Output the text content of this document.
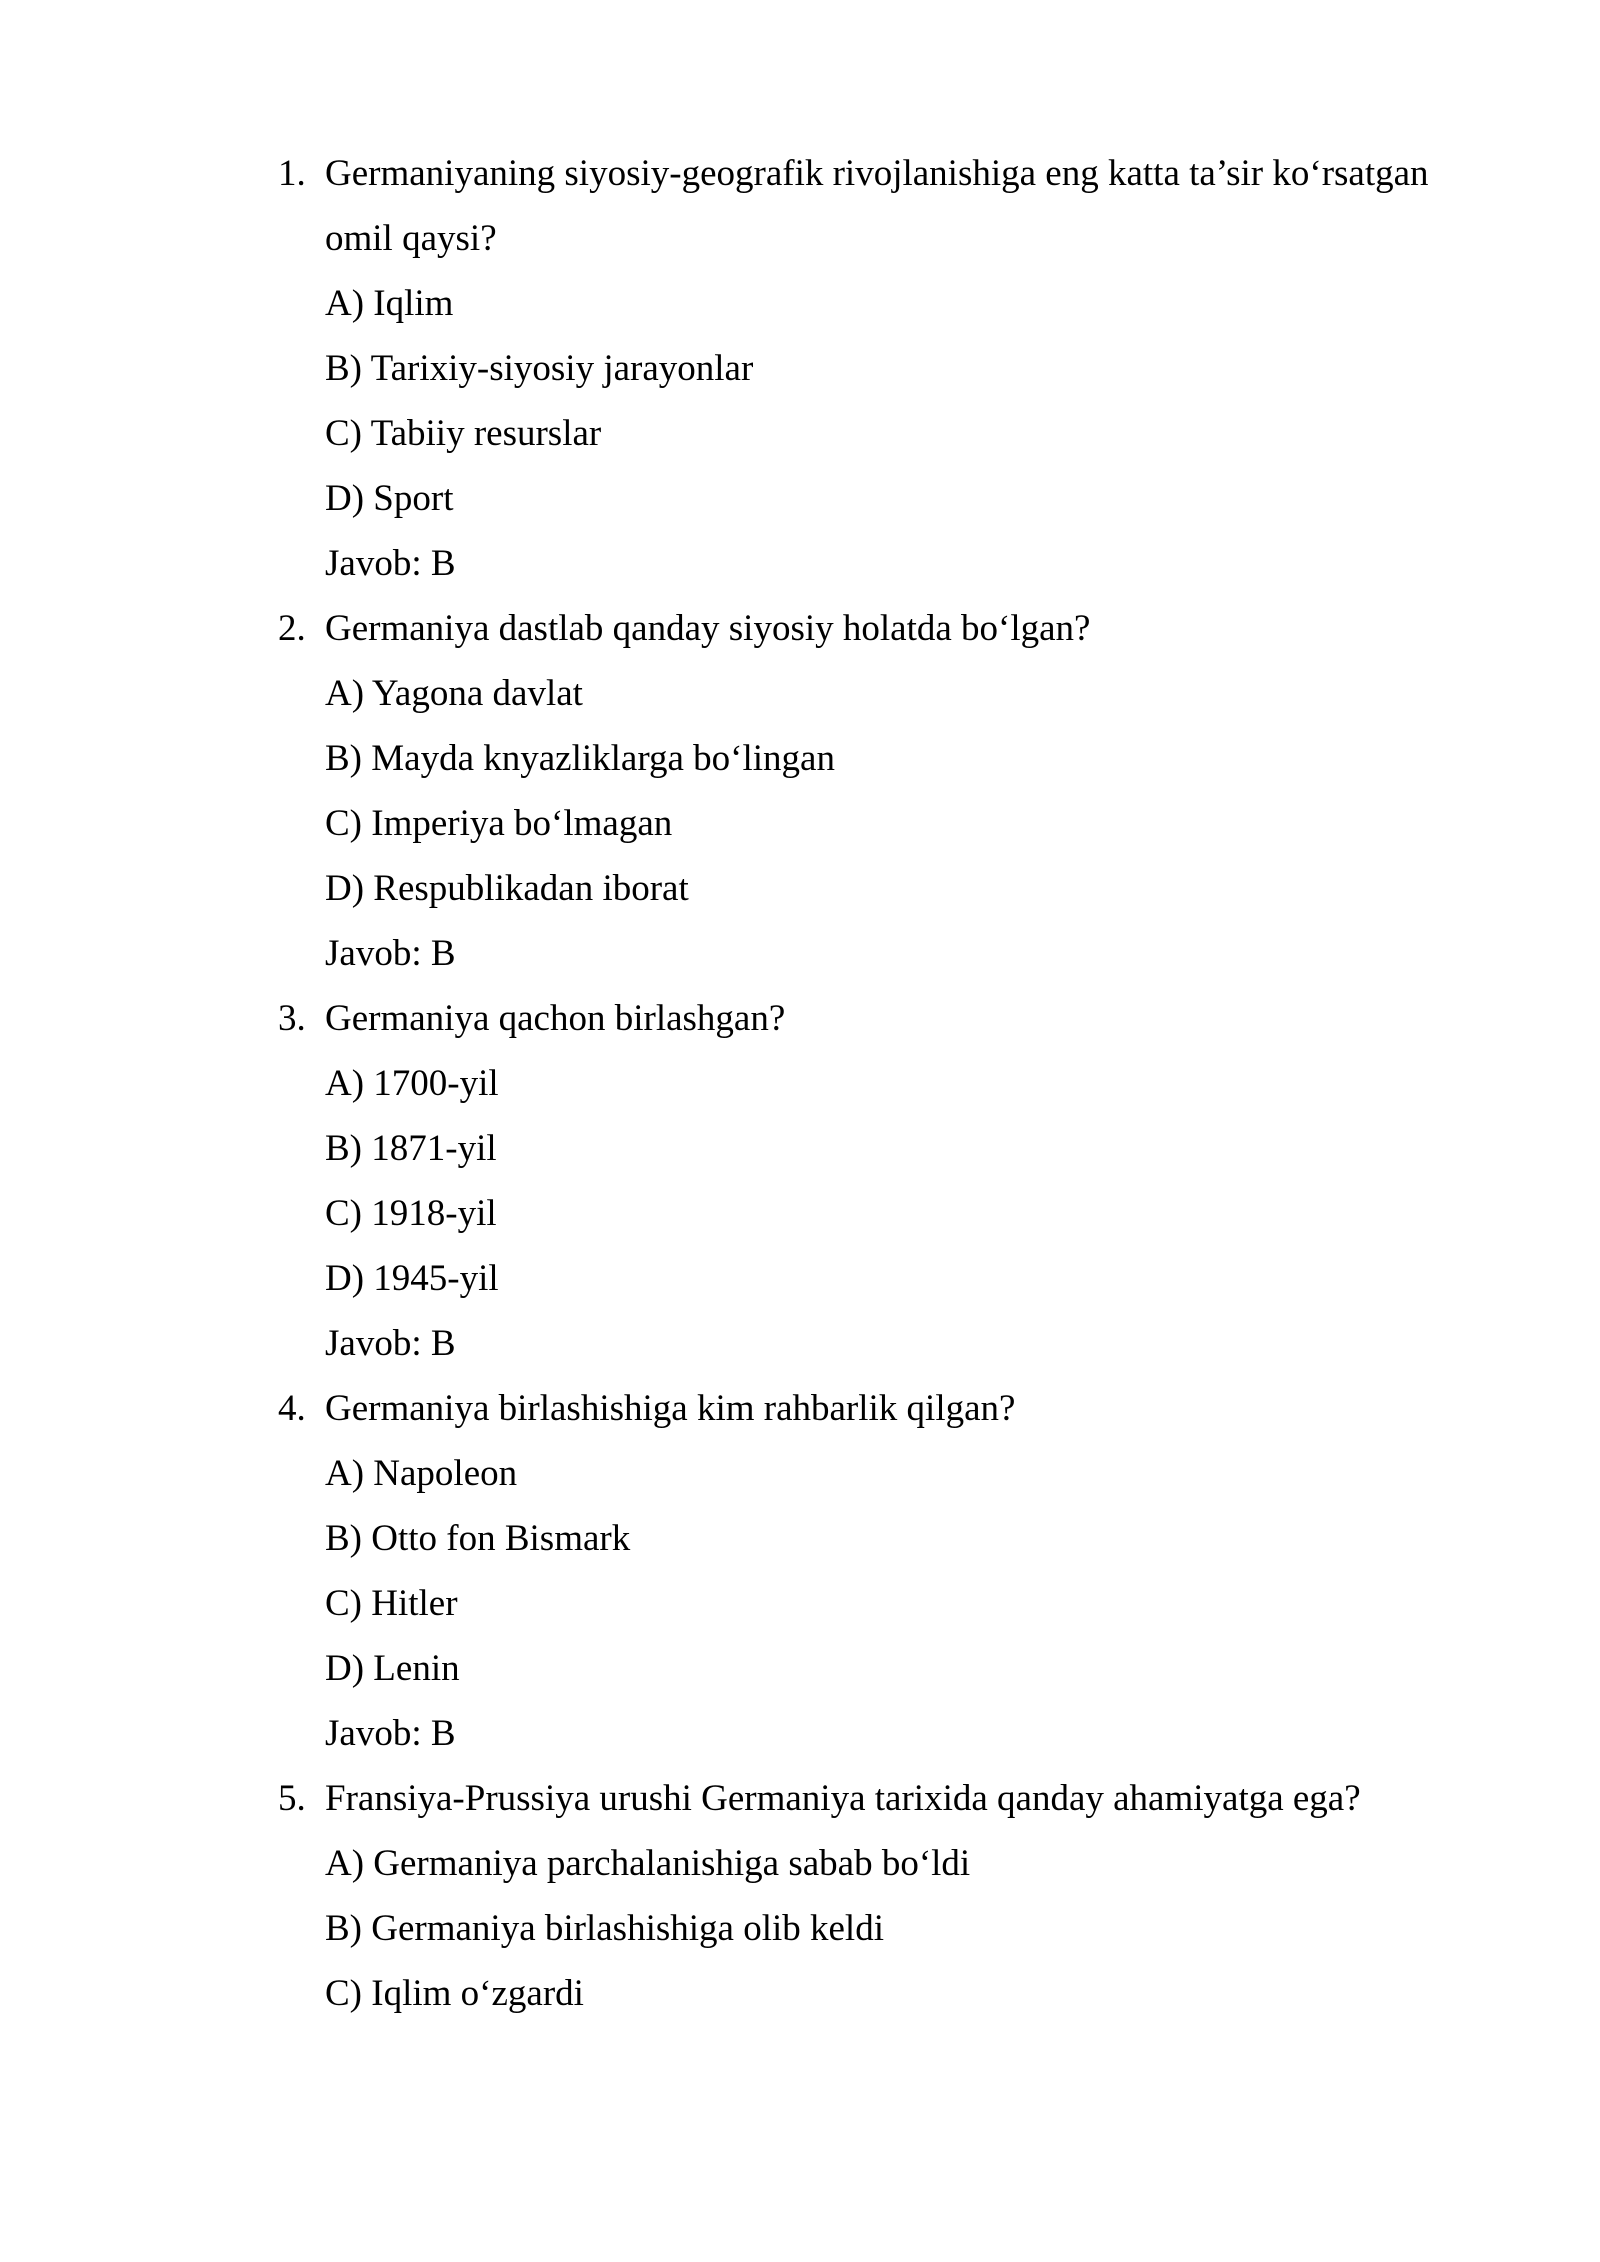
1. Germaniyaning siyosiy-geografik rivojlanishiga eng katta ta’sir ko‘rsatgan
omil qaysi?
A) Iqlim
B) Tarixiy-siyosiy jarayonlar
C) Tabiiy resurslar
D) Sport
Javob: B
2. Germaniya dastlab qanday siyosiy holatda bo‘lgan?
A) Yagona davlat
B) Mayda knyazliklarga bo‘lingan
C) Imperiya bo‘lmagan
D) Respublikadan iborat
Javob: B
3. Germaniya qachon birlashgan?
A) 1700-yil
B) 1871-yil
C) 1918-yil
D) 1945-yil
Javob: B
4. Germaniya birlashishiga kim rahbarlik qilgan?
A) Napoleon
B) Otto fon Bismark
C) Hitler
D) Lenin
Javob: B
5. Fransiya-Prussiya urushi Germaniya tarixida qanday ahamiyatga ega?
A) Germaniya parchalanishiga sabab bo‘ldi
B) Germaniya birlashishiga olib keldi
C) Iqlim o‘zgardi
